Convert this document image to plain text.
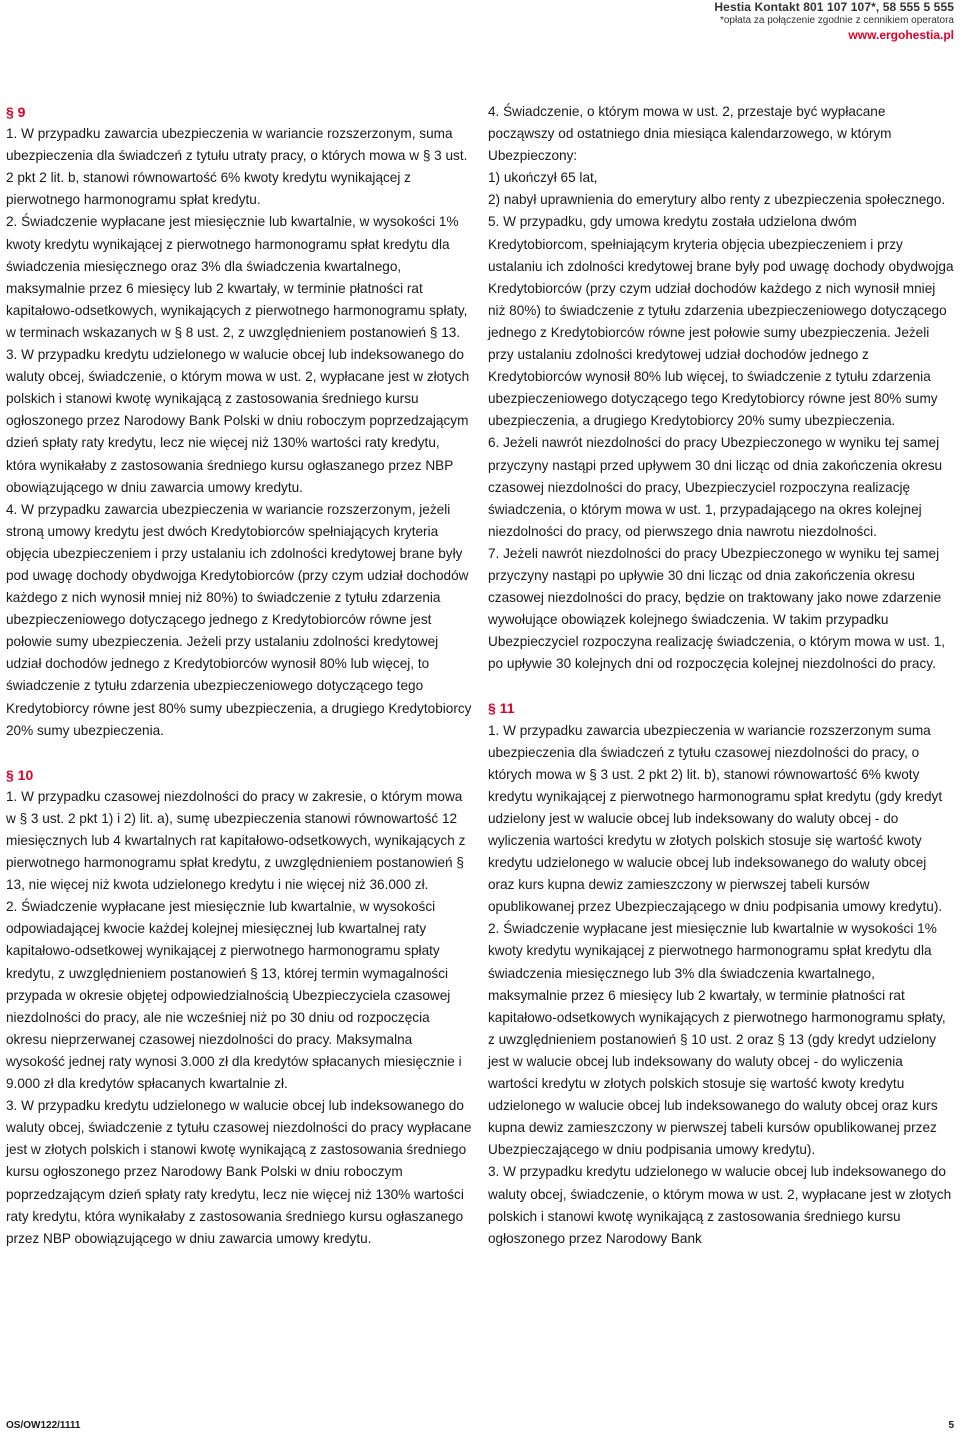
Hestia Kontakt 801 107 107*, 58 555 5 555
*opłata za połączenie zgodnie z cennikiem operatora
www.ergohestia.pl
§ 9

1. W przypadku zawarcia ubezpieczenia w wariancie rozszerzonym, suma ubezpieczenia dla świadczeń z tytułu utraty pracy, o których mowa w § 3 ust. 2 pkt 2 lit. b, stanowi równowartość 6% kwoty kredytu wynikającej z pierwotnego harmonogramu spłat kredytu.

2. Świadczenie wypłacane jest miesięcznie lub kwartalnie, w wysokości 1% kwoty kredytu wynikającej z pierwotnego harmonogramu spłat kredytu dla świadczenia miesięcznego oraz 3% dla świadczenia kwartalnego, maksymalnie przez 6 miesięcy lub 2 kwartały, w terminie płatności rat kapitałowo-odsetkowych, wynikających z pierwotnego harmonogramu spłaty, w terminach wskazanych w § 8 ust. 2, z uwzględnieniem postanowień § 13.

3. W przypadku kredytu udzielonego w walucie obcej lub indeksowanego do waluty obcej, świadczenie, o którym mowa w ust. 2, wypłacane jest w złotych polskich i stanowi kwotę wynikającą z zastosowania średniego kursu ogłoszonego przez Narodowy Bank Polski w dniu roboczym poprzedzającym dzień spłaty raty kredytu, lecz nie więcej niż 130% wartości raty kredytu, która wynikałaby z zastosowania średniego kursu ogłaszanego przez NBP obowiązującego w dniu zawarcia umowy kredytu.

4. W przypadku zawarcia ubezpieczenia w wariancie rozszerzonym, jeżeli stroną umowy kredytu jest dwóch Kredytobiorców spełniających kryteria objęcia ubezpieczeniem i przy ustalaniu ich zdolności kredytowej brane były pod uwagę dochody obydwojga Kredytobiorców (przy czym udział dochodów każdego z nich wynosił mniej niż 80%) to świadczenie z tytułu zdarzenia ubezpieczeniowego dotyczącego jednego z Kredytobiorców równe jest połowie sumy ubezpieczenia. Jeżeli przy ustalaniu zdolności kredytowej udział dochodów jednego z Kredytobiorców wynosił 80% lub więcej, to świadczenie z tytułu zdarzenia ubezpieczeniowego dotyczącego tego Kredytobiorcy równe jest 80% sumy ubezpieczenia, a drugiego Kredytobiorcy 20% sumy ubezpieczenia.

§ 10

1. W przypadku czasowej niezdolności do pracy w zakresie, o którym mowa w § 3 ust. 2 pkt 1) i 2) lit. a), sumę ubezpieczenia stanowi równowartość 12 miesięcznych lub 4 kwartalnych rat kapitałowo-odsetkowych, wynikających z pierwotnego harmonogramu spłat kredytu, z uwzględnieniem postanowień § 13, nie więcej niż kwota udzielonego kredytu i nie więcej niż 36.000 zł.

2. Świadczenie wypłacane jest miesięcznie lub kwartalnie, w wysokości odpowiadającej kwocie każdej kolejnej miesięcznej lub kwartalnej raty kapitałowo-odsetkowej wynikającej z pierwotnego harmonogramu spłaty kredytu, z uwzględnieniem postanowień § 13, której termin wymagalności przypada w okresie objętej odpowiedzialnością Ubezpieczyciela czasowej niezdolności do pracy, ale nie wcześniej niż po 30 dniu od rozpoczęcia okresu nieprzerwanej czasowej niezdolności do pracy. Maksymalna wysokość jednej raty wynosi 3.000 zł dla kredytów spłacanych miesięcznie i 9.000 zł dla kredytów spłacanych kwartalnie zł.

3. W przypadku kredytu udzielonego w walucie obcej lub indeksowanego do waluty obcej, świadczenie z tytułu czasowej niezdolności do pracy wypłacane jest w złotych polskich i stanowi kwotę wynikającą z zastosowania średniego kursu ogłoszonego przez Narodowy Bank Polski w dniu roboczym poprzedzającym dzień spłaty raty kredytu, lecz nie więcej niż 130% wartości raty kredytu, która wynikałaby z zastosowania średniego kursu ogłaszanego przez NBP obowiązującego w dniu zawarcia umowy kredytu.

4. Świadczenie, o którym mowa w ust. 2, przestaje być wypłacane począwszy od ostatniego dnia miesiąca kalendarzowego, w którym Ubezpieczony:

1) ukończył 65 lat,

2) nabył uprawnienia do emerytury albo renty z ubezpieczenia społecznego.

5. W przypadku, gdy umowa kredytu została udzielona dwóm Kredytobiorcom, spełniającym kryteria objęcia ubezpieczeniem i przy ustalaniu ich zdolności kredytowej brane były pod uwagę dochody obydwojga Kredytobiorców (przy czym udział dochodów każdego z nich wynosił mniej niż 80%) to świadczenie z tytułu zdarzenia ubezpieczeniowego dotyczącego jednego z Kredytobiorców równe jest połowie sumy ubezpieczenia. Jeżeli przy ustalaniu zdolności kredytowej udział dochodów jednego z Kredytobiorców wynosił 80% lub więcej, to świadczenie z tytułu zdarzenia ubezpieczeniowego dotyczącego tego Kredytobiorcy równe jest 80% sumy ubezpieczenia, a drugiego Kredytobiorcy 20% sumy ubezpieczenia.

6. Jeżeli nawrót niezdolności do pracy Ubezpieczonego w wyniku tej samej przyczyny nastąpi przed upływem 30 dni licząc od dnia zakończenia okresu czasowej niezdolności do pracy, Ubezpieczyciel rozpoczyna realizację świadczenia, o którym mowa w ust. 1, przypadającego na okres kolejnej niezdolności do pracy, od pierwszego dnia nawrotu niezdolności.

7. Jeżeli nawrót niezdolności do pracy Ubezpieczonego w wyniku tej samej przyczyny nastąpi po upływie 30 dni licząc od dnia zakończenia okresu czasowej niezdolności do pracy, będzie on traktowany jako nowe zdarzenie wywołujące obowiązek kolejnego świadczenia. W takim przypadku Ubezpieczyciel rozpoczyna realizację świadczenia, o którym mowa w ust. 1, po upływie 30 kolejnych dni od rozpoczęcia kolejnej niezdolności do pracy.

§ 11

1. W przypadku zawarcia ubezpieczenia w wariancie rozszerzonym suma ubezpieczenia dla świadczeń z tytułu czasowej niezdolności do pracy, o których mowa w § 3 ust. 2 pkt 2) lit. b), stanowi równowartość 6% kwoty kredytu wynikającej z pierwotnego harmonogramu spłat kredytu (gdy kredyt udzielony jest w walucie obcej lub indeksowany do waluty obcej - do wyliczenia wartości kredytu w złotych polskich stosuje się wartość kwoty kredytu udzielonego w walucie obcej lub indeksowanego do waluty obcej oraz kurs kupna dewiz zamieszczony w pierwszej tabeli kursów opublikowanej przez Ubezpieczającego w dniu podpisania umowy kredytu).

2. Świadczenie wypłacane jest miesięcznie lub kwartalnie w wysokości 1% kwoty kredytu wynikającej z pierwotnego harmonogramu spłat kredytu dla świadczenia miesięcznego lub 3% dla świadczenia kwartalnego, maksymalnie przez 6 miesięcy lub 2 kwartały, w terminie płatności rat kapitałowo-odsetkowych wynikających z pierwotnego harmonogramu spłaty, z uwzględnieniem postanowień § 10 ust. 2 oraz § 13 (gdy kredyt udzielony jest w walucie obcej lub indeksowany do waluty obcej - do wyliczenia wartości kredytu w złotych polskich stosuje się wartość kwoty kredytu udzielonego w walucie obcej lub indeksowanego do waluty obcej oraz kurs kupna dewiz zamieszczony w pierwszej tabeli kursów opublikowanej przez Ubezpieczającego w dniu podpisania umowy kredytu).

3. W przypadku kredytu udzielonego w walucie obcej lub indeksowanego do waluty obcej, świadczenie, o którym mowa w ust. 2, wypłacane jest w złotych polskich i stanowi kwotę wynikającą z zastosowania średniego kursu ogłoszonego przez Narodowy Bank

OS/OW122/1111	5
